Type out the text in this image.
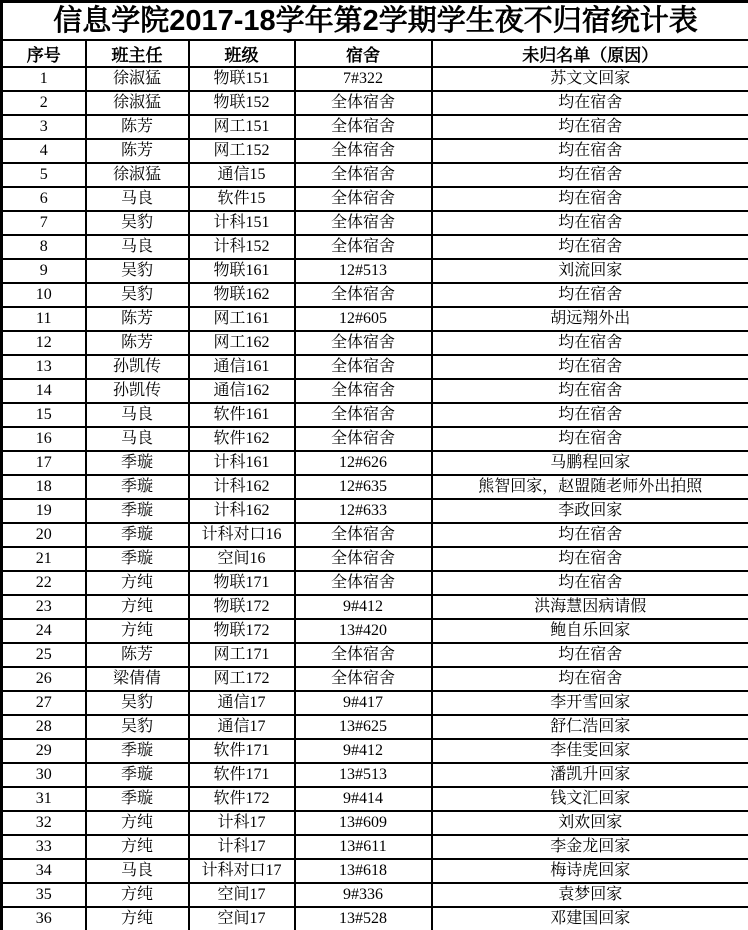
信息学院2017-18学年第2学期学生夜不归宿统计表				
序号	班主任	班级	宿舍	未归名单（原因）
1	徐淑猛	物联151	7#322	苏文文回家
2	徐淑猛	物联152	全体宿舍	均在宿舍
3	陈芳	网工151	全体宿舍	均在宿舍
4	陈芳	网工152	全体宿舍	均在宿舍
5	徐淑猛	通信15	全体宿舍	均在宿舍
6	马良	软件15	全体宿舍	均在宿舍
7	吴豹	计科151	全体宿舍	均在宿舍
8	马良	计科152	全体宿舍	均在宿舍
9	吴豹	物联161	12#513	刘流回家
10	吴豹	物联162	全体宿舍	均在宿舍
11	陈芳	网工161	12#605	胡远翔外出
12	陈芳	网工162	全体宿舍	均在宿舍
13	孙凯传	通信161	全体宿舍	均在宿舍
14	孙凯传	通信162	全体宿舍	均在宿舍
15	马良	软件161	全体宿舍	均在宿舍
16	马良	软件162	全体宿舍	均在宿舍
17	季璇	计科161	12#626	马鹏程回家
18	季璇	计科162	12#635	熊智回家，赵盟随老师外出拍照
19	季璇	计科162	12#633	李政回家
20	季璇	计科对口16	全体宿舍	均在宿舍
21	季璇	空间16	全体宿舍	均在宿舍
22	方纯	物联171	全体宿舍	均在宿舍
23	方纯	物联172	9#412	洪海慧因病请假
24	方纯	物联172	13#420	鲍自乐回家
25	陈芳	网工171	全体宿舍	均在宿舍
26	梁倩倩	网工172	全体宿舍	均在宿舍
27	吴豹	通信17	9#417	李开雪回家
28	吴豹	通信17	13#625	舒仁浩回家
29	季璇	软件171	9#412	李佳雯回家
30	季璇	软件171	13#513	潘凯升回家
31	季璇	软件172	9#414	钱文汇回家
32	方纯	计科17	13#609	刘欢回家
33	方纯	计科17	13#611	李金龙回家
34	马良	计科对口17	13#618	梅诗虎回家
35	方纯	空间17	9#336	袁梦回家
36	方纯	空间17	13#528	邓建国回家
